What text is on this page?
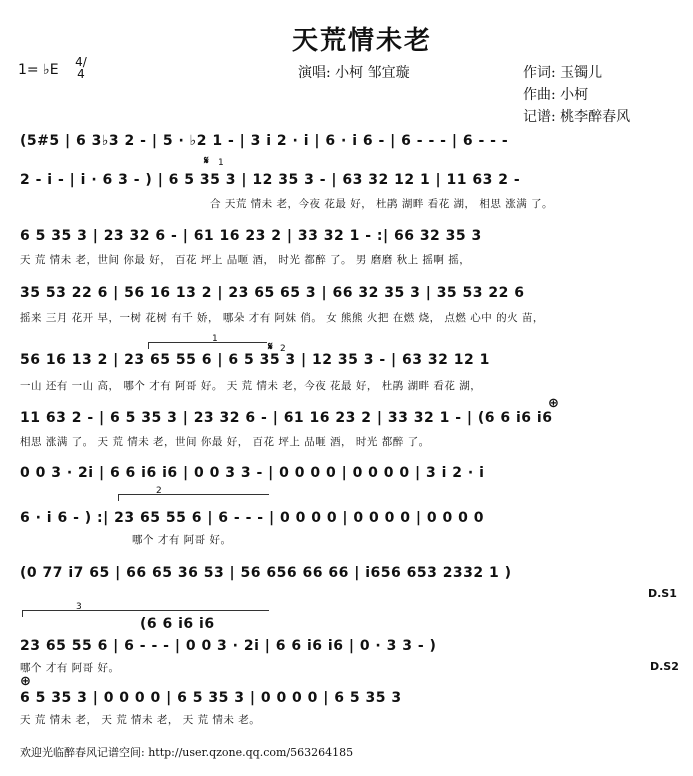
天荒情未老
1= ♭E 4/4	演唱: 小柯 邹宜璇	作词: 玉镯儿
作曲: 小柯
记谱: 桃李醉春风
(5#5 | 6 3♭3 2 - | 5 · ♭2 1 - | 3 i 2 · i | 6 · i 6 - | 6 - - - | 6 - - -
2 - i - | i · 6 3 - ) | 6 5 35 3 | 12 35 3 - | 63 32 12 1 | 11 63 2 -
合 天荒 情未 老，今夜 花最 好， 杜鹃 湖畔 看花 湖， 相思 涨满 了。
𝄋 1
6 5 35 3 | 23 32 6 - | 61 16 23 2 | 33 32 1 - :| 66 32 35 3
天 荒 情未 老，世间 你最 好， 百花 坪上 品咂 酒， 时光 都醉 了。 男 磨磨 秋上 摇啊 摇，
35 53 22 6 | 56 16 13 2 | 23 65 65 3 | 66 32 35 3 | 35 53 22 6
摇来 三月 花开 早，一树 花树 有千 娇， 哪朵 才有 阿妹 俏。 女 熊熊 火把 在燃 烧， 点燃 心中 的火 苗，
1
56 16 13 2 | 23 65 55 6 | 6 5 35 3 | 12 35 3 - | 63 32 12 1
一山 还有 一山 高， 哪个 才有 阿哥 好。 天 荒 情未 老，今夜 花最 好， 杜鹃 湖畔 看花 湖，
𝄋 2
11 63 2 - | 6 5 35 3 | 23 32 6 - | 61 16 23 2 | 33 32 1 - | (6 6 i6 i6
相思 涨满 了。 天 荒 情未 老，世间 你最 好， 百花 坪上 品咂 酒， 时光 都醉 了。
⊕
0 0 3 · 2i | 6 6 i6 i6 | 0 0 3 3 - | 0 0 0 0 | 0 0 0 0 | 3 i 2 · i
2
6 · i 6 - ) :| 23 65 55 6 | 6 - - - | 0 0 0 0 | 0 0 0 0 | 0 0 0 0
哪个 才有 阿哥 好。
(0 77 i7 65 | 66 65 36 53 | 56 656 66 66 | i656 653 2332 1 )
D.S1
3
(6 6 i6 i6
23 65 55 6 | 6 - - - | 0 0 3 · 2i | 6 6 i6 i6 | 0 · 3 3 - )
哪个 才有 阿哥 好。	D.S2
⊕
6 5 35 3 | 0 0 0 0 | 6 5 35 3 | 0 0 0 0 | 6 5 35 3
天 荒 情未 老， 天 荒 情未 老， 天 荒 情未 老。
欢迎光临醉春风记谱空间: http://user.qzone.qq.com/563264185
